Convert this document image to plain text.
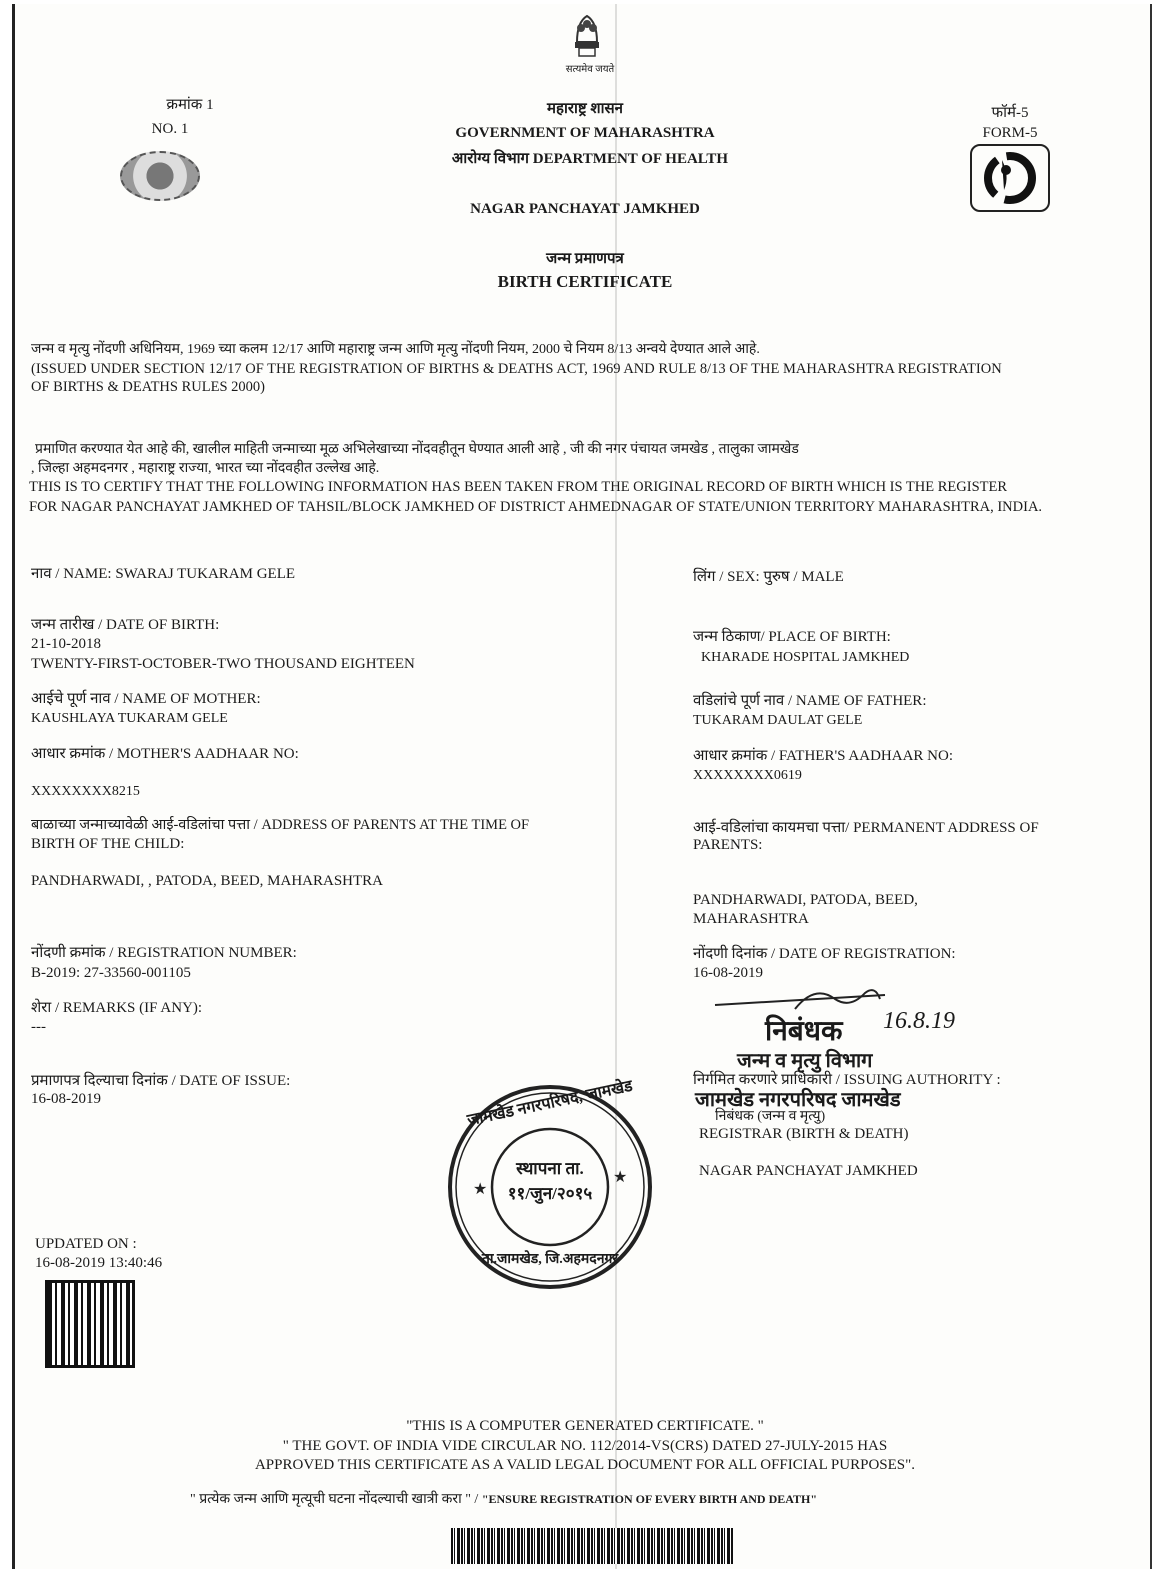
सत्यमेव जयते
क्रमांक 1
NO. 1
फॉर्म-5
FORM-5
महाराष्ट्र शासन
GOVERNMENT OF MAHARASHTRA
आरोग्य विभाग DEPARTMENT OF HEALTH
NAGAR PANCHAYAT JAMKHED
जन्म प्रमाणपत्र
BIRTH CERTIFICATE
जन्म व मृत्यु नोंदणी अधिनियम, 1969 च्या कलम 12/17 आणि महाराष्ट्र जन्म आणि मृत्यु नोंदणी नियम, 2000 चे नियम 8/13 अन्वये देण्यात आले आहे.
(ISSUED UNDER SECTION 12/17 OF THE REGISTRATION OF BIRTHS & DEATHS ACT, 1969 AND RULE 8/13 OF THE MAHARASHTRA REGISTRATION
OF BIRTHS & DEATHS RULES 2000)
प्रमाणित करण्यात येत आहे की, खालील माहिती जन्माच्या मूळ अभिलेखाच्या नोंदवहीतून घेण्यात आली आहे , जी की नगर पंचायत जमखेड , तालुका जामखेड
, जिल्हा अहमदनगर , महाराष्ट्र राज्या, भारत च्या नोंदवहीत उल्लेख आहे.
THIS IS TO CERTIFY THAT THE FOLLOWING INFORMATION HAS BEEN TAKEN FROM THE ORIGINAL RECORD OF BIRTH WHICH IS THE REGISTER
FOR NAGAR PANCHAYAT JAMKHED OF TAHSIL/BLOCK JAMKHED OF DISTRICT AHMEDNAGAR OF STATE/UNION TERRITORY MAHARASHTRA, INDIA.
नाव / NAME: SWARAJ TUKARAM GELE
जन्म तारीख / DATE OF BIRTH:
21-10-2018
TWENTY-FIRST-OCTOBER-TWO THOUSAND EIGHTEEN
आईचे पूर्ण नाव / NAME OF MOTHER:
KAUSHLAYA TUKARAM GELE
आधार क्रमांक / MOTHER'S AADHAAR NO:
XXXXXXXX8215
बाळाच्या जन्माच्यावेळी आई-वडिलांचा पत्ता / ADDRESS OF PARENTS AT THE TIME OF
BIRTH OF THE CHILD:
PANDHARWADI, , PATODA, BEED, MAHARASHTRA
नोंदणी क्रमांक / REGISTRATION NUMBER:
B-2019: 27-33560-001105
शेरा / REMARKS (IF ANY):
---
प्रमाणपत्र दिल्याचा दिनांक / DATE OF ISSUE:
16-08-2019
लिंग / SEX: पुरुष / MALE
जन्म ठिकाण/ PLACE OF BIRTH:
KHARADE HOSPITAL JAMKHED
वडिलांचे पूर्ण नाव / NAME OF FATHER:
TUKARAM DAULAT GELE
आधार क्रमांक / FATHER'S AADHAAR NO:
XXXXXXXX0619
आई-वडिलांचा कायमचा पत्ता/ PERMANENT ADDRESS OF
PARENTS:
PANDHARWADI, PATODA, BEED,
MAHARASHTRA
नोंदणी दिनांक / DATE OF REGISTRATION:
16-08-2019
निबंधक 16.8.19
जन्म व मृत्यु विभाग
निर्गमित करणारे प्राधिकारी / ISSUING AUTHORITY :
जामखेड नगरपरिषद जामखेड
निबंधक (जन्म व मृत्यु)
REGISTRAR (BIRTH & DEATH)
NAGAR PANCHAYAT JAMKHED
★
★
जामखेड नगरपरिषद, जामखेड
स्थापना ता.
११/जुन/२०१५
ता.जामखेड, जि.अहमदनगर
UPDATED ON :
16-08-2019 13:40:46
"THIS IS A COMPUTER GENERATED CERTIFICATE. "
" THE GOVT. OF INDIA VIDE CIRCULAR NO. 112/2014-VS(CRS) DATED 27-JULY-2015 HAS
APPROVED THIS CERTIFICATE AS A VALID LEGAL DOCUMENT FOR ALL OFFICIAL PURPOSES".
" प्रत्येक जन्म आणि मृत्यूची घटना नोंदल्याची खात्री करा " / "ENSURE REGISTRATION OF EVERY BIRTH AND DEATH"
